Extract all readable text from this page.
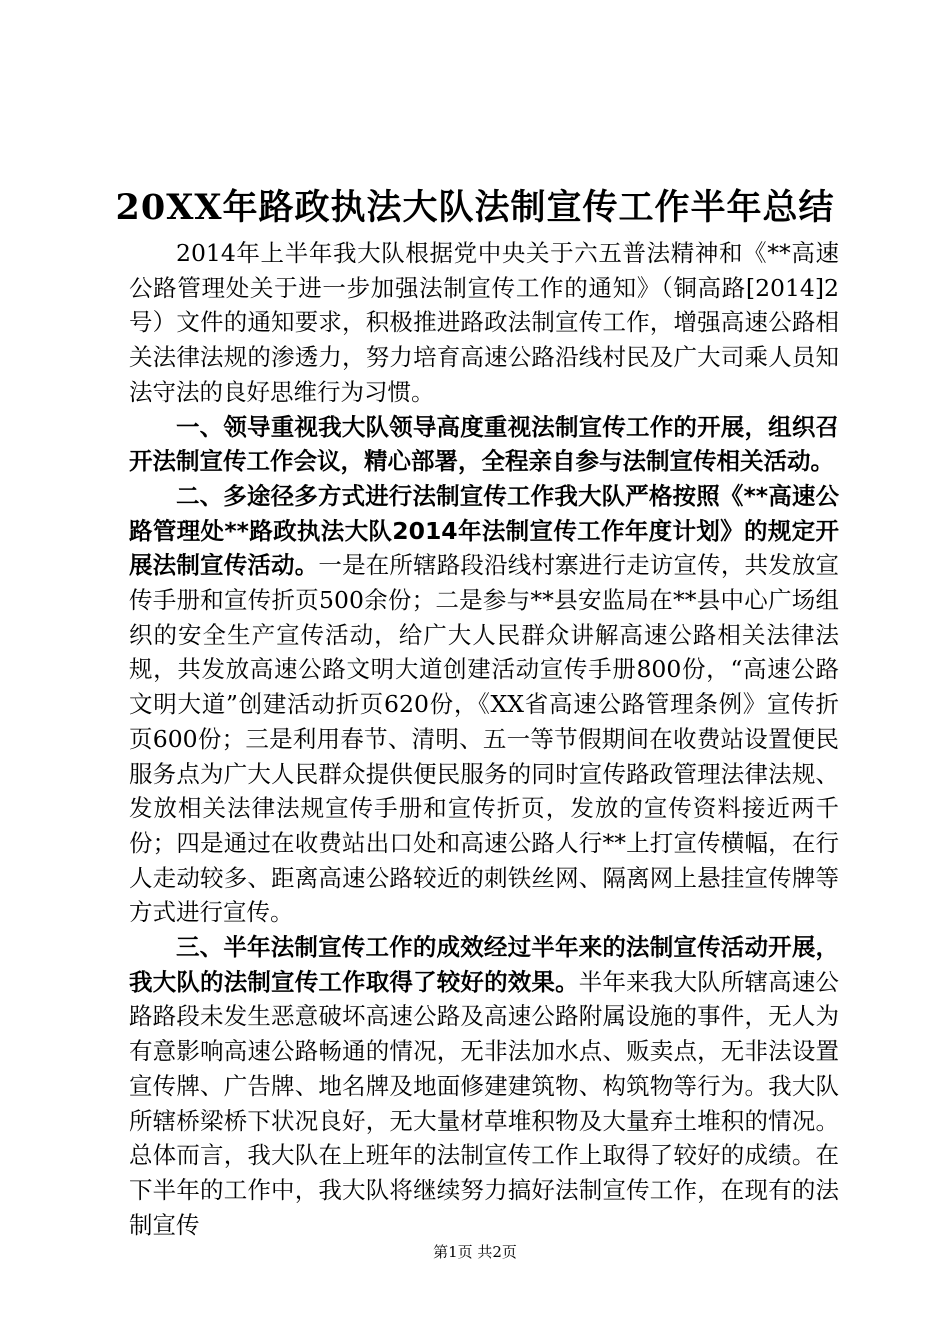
20XX年路政执法大队法制宣传工作半年总结

2014年上半年我大队根据党中央关于六五普法精神和《**高速公路管理处关于进一步加强法制宣传工作的通知》（铜高路[2014]2号）文件的通知要求，积极推进路政法制宣传工作，增强高速公路相关法律法规的渗透力，努力培育高速公路沿线村民及广大司乘人员知法守法的良好思维行为习惯。

一、领导重视我大队领导高度重视法制宣传工作的开展，组织召开法制宣传工作会议，精心部署，全程亲自参与法制宣传相关活动。

二、多途径多方式进行法制宣传工作我大队严格按照《**高速公路管理处**路政执法大队2014年法制宣传工作年度计划》的规定开展法制宣传活动。一是在所辖路段沿线村寨进行走访宣传，共发放宣传手册和宣传折页500余份；二是参与**县安监局在**县中心广场组织的安全生产宣传活动，给广大人民群众讲解高速公路相关法律法规，共发放高速公路文明大道创建活动宣传手册800份，“高速公路文明大道”创建活动折页620份，《XX省高速公路管理条例》宣传折页600份；三是利用春节、清明、五一等节假期间在收费站设置便民服务点为广大人民群众提供便民服务的同时宣传路政管理法律法规、发放相关法律法规宣传手册和宣传折页，发放的宣传资料接近两千份；四是通过在收费站出口处和高速公路人行**上打宣传横幅，在行人走动较多、距离高速公路较近的刺铁丝网、隔离网上悬挂宣传牌等方式进行宣传。

三、半年法制宣传工作的成效经过半年来的法制宣传活动开展，我大队的法制宣传工作取得了较好的效果。半年来我大队所辖高速公路路段未发生恶意破坏高速公路及高速公路附属设施的事件，无人为有意影响高速公路畅通的情况，无非法加水点、贩卖点，无非法设置宣传牌、广告牌、地名牌及地面修建建筑物、构筑物等行为。我大队所辖桥梁桥下状况良好，无大量材草堆积物及大量弃土堆积的情况。总体而言，我大队在上班年的法制宣传工作上取得了较好的成绩。在下半年的工作中，我大队将继续努力搞好法制宣传工作，在现有的法制宣传

第1页 共2页
